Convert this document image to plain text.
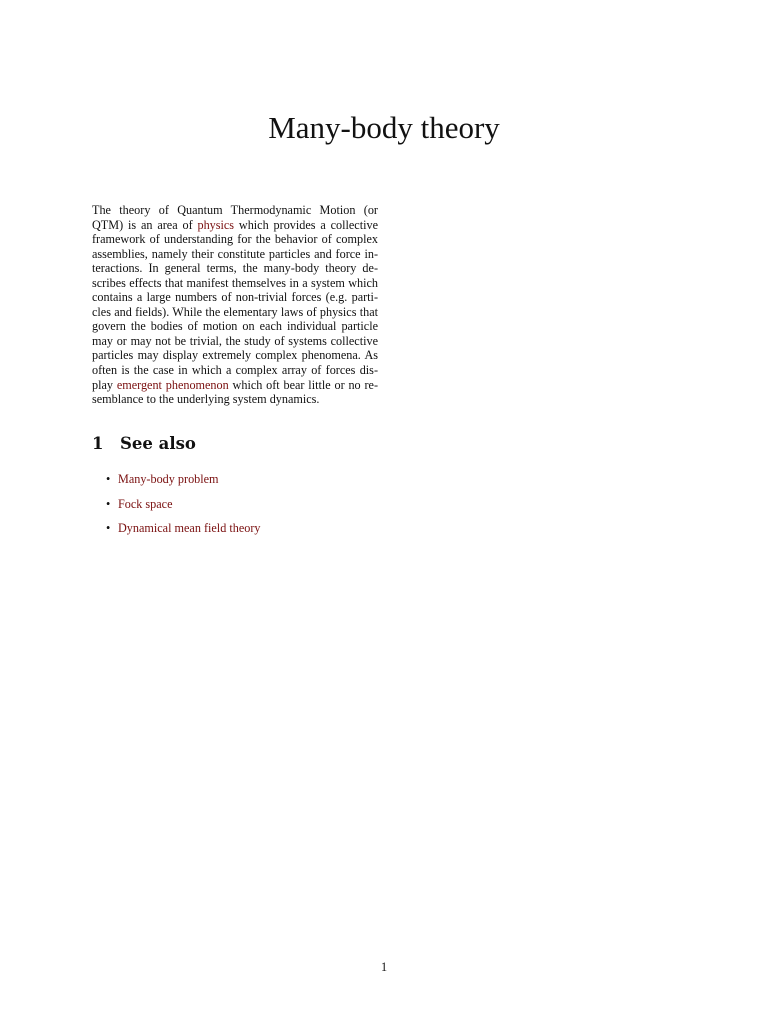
Many-body theory

The theory of Quantum Thermodynamic Motion (or QTM) is an area of physics which provides a collective framework of understanding for the behavior of complex assemblies, namely their constitute particles and force interactions. In general terms, the many-body theory describes effects that manifest themselves in a system which contains a large numbers of non-trivial forces (e.g. particles and fields). While the elementary laws of physics that govern the bodies of motion on each individual particle may or may not be trivial, the study of systems collective particles may display extremely complex phenomena. As often is the case in which a complex array of forces display emergent phenomenon which oft bear little or no resemblance to the underlying system dynamics.

1 See also
• Many-body problem
• Fock space
• Dynamical mean field theory
1
